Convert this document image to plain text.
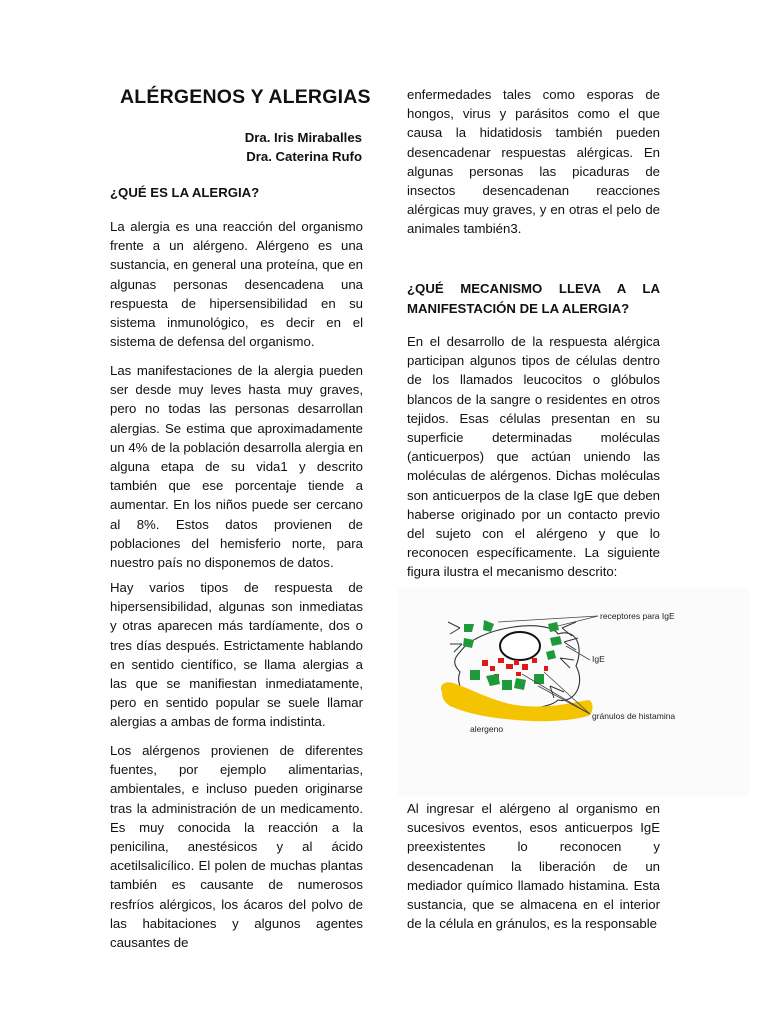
ALÉRGENOS Y ALERGIAS
Dra. Iris Miraballes
Dra. Caterina Rufo
¿QUÉ ES LA ALERGIA?

La alergia es una reacción del organismo frente a un alérgeno. Alérgeno es una sustancia, en general una proteína, que en algunas personas desencadena una respuesta de hipersensibilidad en su sistema inmunológico, es decir en el sistema de defensa del organismo.

Las manifestaciones de la alergia pueden ser desde muy leves hasta muy graves, pero no todas las personas desarrollan alergias. Se estima que aproximadamente un 4% de la población desarrolla alergia en alguna etapa de su vida1 y descrito también que ese porcentaje tiende a aumentar. En los niños puede ser cercano al 8%. Estos datos provienen de poblaciones del hemisferio norte, para nuestro país no disponemos de datos.

Hay varios tipos de respuesta de hipersensibilidad, algunas son inmediatas y otras aparecen más tardíamente, dos o tres días después. Estrictamente hablando en sentido científico, se llama alergias a las que se manifiestan inmediatamente, pero en sentido popular se suele llamar alergias a ambas de forma indistinta.

Los alérgenos provienen de diferentes fuentes, por ejemplo alimentarias, ambientales, e incluso pueden originarse tras la administración de un medicamento. Es muy conocida la reacción a la penicilina, anestésicos y al ácido acetilsalicílico. El polen de muchas plantas también es causante de numerosos resfríos alérgicos, los ácaros del polvo de las habitaciones y algunos agentes causantes de

enfermedades tales como esporas de hongos, virus y parásitos como el que causa la hidatidosis también pueden desencadenar respuestas alérgicas. En algunas personas las picaduras de insectos desencadenan reacciones alérgicas muy graves, y en otras el pelo de animales también3.

¿QUÉ MECANISMO LLEVA A LA MANIFESTACIÓN DE LA ALERGIA?

En el desarrollo de la respuesta alérgica participan algunos tipos de células dentro de los llamados leucocitos o glóbulos blancos de la sangre o residentes en otros tejidos. Esas células presentan en su superficie determinadas moléculas (anticuerpos) que actúan uniendo las moléculas de alérgenos. Dichas moléculas son anticuerpos de la clase IgE que deben haberse originado por un contacto previo del sujeto con el alérgeno y que lo reconocen específicamente. La siguiente figura ilustra el mecanismo descrito:

receptores para IgE
IgE
gránulos de histamina
alergeno

Al ingresar el alérgeno al organismo en sucesivos eventos, esos anticuerpos IgE preexistentes lo reconocen y desencadenan la liberación de un mediador químico llamado histamina. Esta sustancia, que se almacena en el interior de la célula en gránulos, es la responsable
